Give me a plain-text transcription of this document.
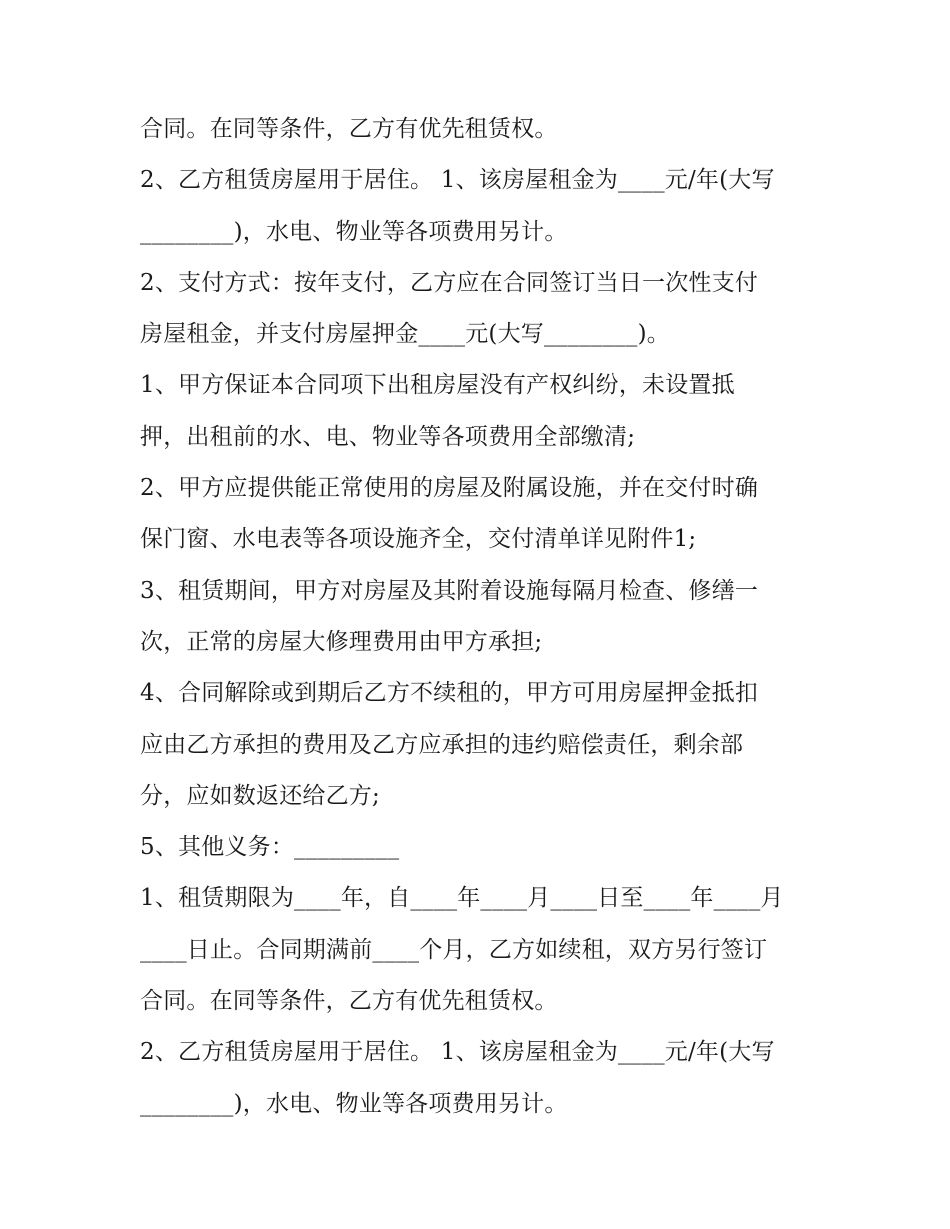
合同。在同等条件，乙方有优先租赁权。
2、乙方租赁房屋用于居住。 1、该房屋租金为____元/年(大写
________)，水电、物业等各项费用另计。
2、支付方式：按年支付，乙方应在合同签订当日一次性支付
房屋租金，并支付房屋押金____元(大写________)。
1、甲方保证本合同项下出租房屋没有产权纠纷，未设置抵
押，出租前的水、电、物业等各项费用全部缴清;
2、甲方应提供能正常使用的房屋及附属设施，并在交付时确
保门窗、水电表等各项设施齐全，交付清单详见附件1;
3、租赁期间，甲方对房屋及其附着设施每隔月检查、修缮一
次，正常的房屋大修理费用由甲方承担;
4、合同解除或到期后乙方不续租的，甲方可用房屋押金抵扣
应由乙方承担的费用及乙方应承担的违约赔偿责任，剩余部
分，应如数返还给乙方;
5、其他义务：_________
1、租赁期限为____年，自____年____月____日至____年____月
____日止。合同期满前____个月，乙方如续租，双方另行签订
合同。在同等条件，乙方有优先租赁权。
2、乙方租赁房屋用于居住。 1、该房屋租金为____元/年(大写
________)，水电、物业等各项费用另计。
